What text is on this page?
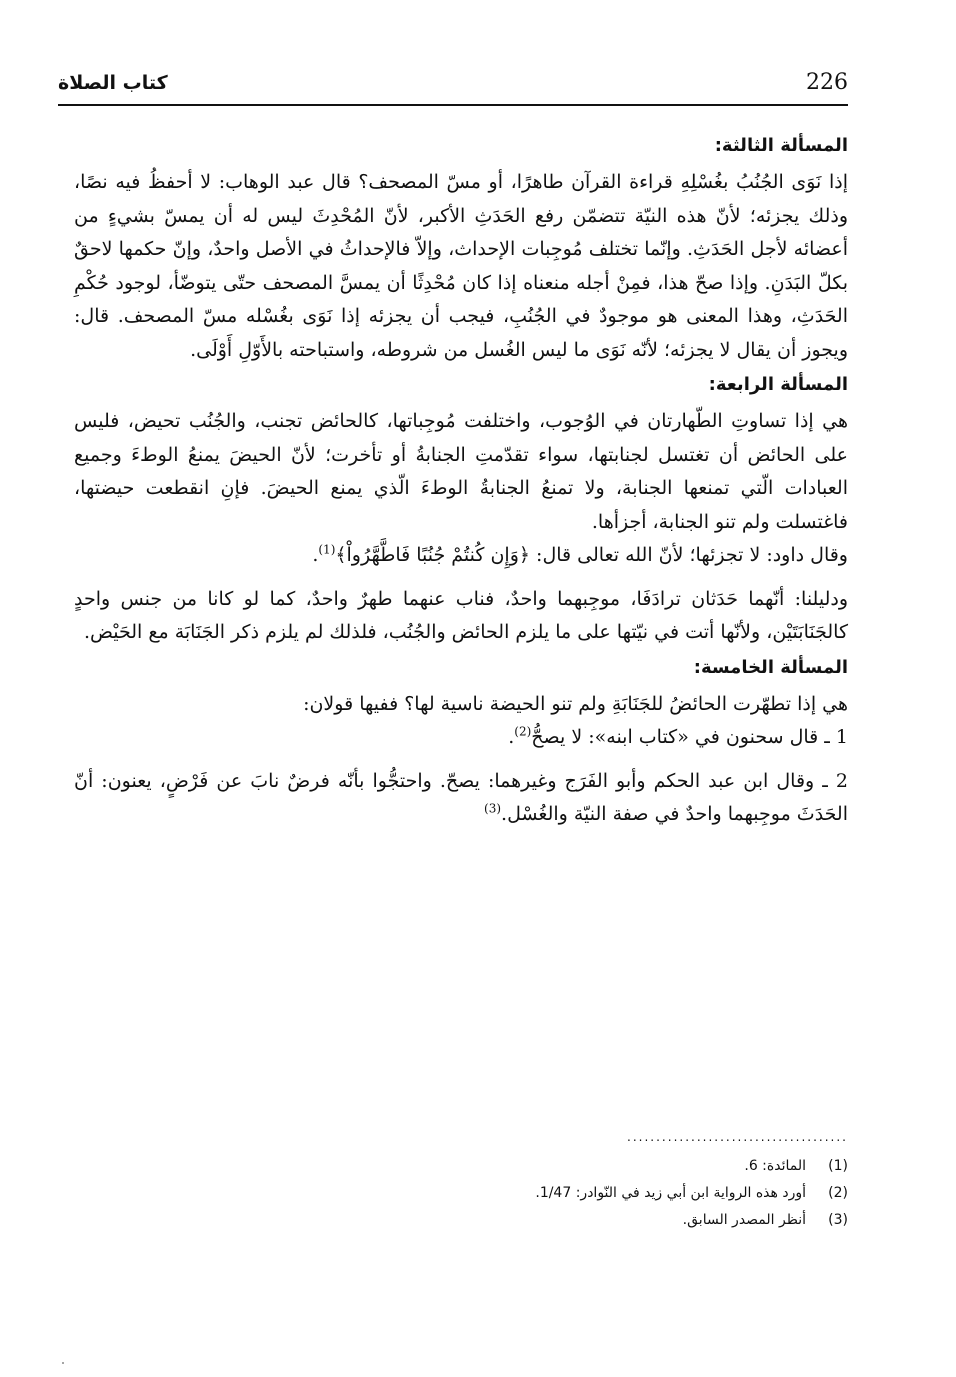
226
كتاب الصلاة
المسألة الثالثة:

إذا نَوَى الجُنُبُ بغُسْلِهِ قراءة القرآن طاهرًا، أو مسّ المصحف؟ قال عبد الوهاب: لا أحفظُ فيه نصًا، وذلك يجزئه؛ لأنّ هذه النيّة تتضمّن رفع الحَدَثِ الأكبر، لأنّ المُحْدِثَ ليس له أن يمسّ بشيءٍ من أعضائه لأجل الحَدَثِ. وإنّما تختلف مُوجِبات الإحداث، وإلاّ فالإحداثُ في الأصل واحدٌ، وإنّ حكمها لاحقٌ بكلّ البَدَنِ. وإذا صحّ هذا، فمِنْ أجله منعناه إذا كان مُحْدِثًا أن يمسَّ المصحف حتّى يتوضّأ، لوجود حُكْمِ الحَدَثِ، وهذا المعنى هو موجودٌ في الجُنُبِ، فيجب أن يجزئه إذا نَوَى بغُسْله مسّ المصحف. قال: ويجوز أن يقال لا يجزئه؛ لأنّه نَوَى ما ليس الغُسل من شروطه، واستباحته بالأَوّلِ أَوْلَى.

المسألة الرابعة:

هي إذا تساوتِ الطّهارتان في الوُجوب، واختلفت مُوجِباتها، كالحائض تجنب، والجُنُب تحيض، فليس على الحائض أن تغتسل لجنابتها، سواء تقدّمتِ الجنابةُ أو تأخرت؛ لأنّ الحيضَ يمنعُ الوطءَ وجميع العبادات الّتي تمنعها الجنابة، ولا تمنعُ الجنابةُ الوطءَ الّذي يمنع الحيضَ. فإنِ انقطعت حيضتها، فاغتسلت ولم تنو الجنابة، أجزأها.

وقال داود: لا تجزئها؛ لأنّ الله تعالى قال: ﴿وَإِن كُنتُمْ جُنُبًا فَاطَّهَّرُواْ﴾$^{(1)}$.

ودليلنا: أنّهما حَدَثان ترادَفَا، موجِبهما واحدٌ، فناب عنهما طهرٌ واحدٌ، كما لو كانا من جنس واحدٍ كالجَنَابَتَيْن، ولأنّها أتت في نيّتها على ما يلزم الحائض والجُنُب، فلذلك لم يلزم ذكر الجَنَابَة مع الحَيْض.

المسألة الخامسة:

هي إذا تطهّرت الحائضُ للجَنَابَةِ ولم تنو الحيضة ناسية لها؟ ففيها قولان:

1 ـ قال سحنون في «كتاب ابنه»: لا يصحُّ$^{(2)}$.

2 ـ وقال ابن عبد الحكم وأبو الفَرَج وغيرهما: يصحّ. واحتجُّوا بأنّه فرضٌ نابَ عن فَرْضٍ، يعنون: أنّ الحَدَثَ موجِبهما واحدٌ في صفة النيّة والغُسْل.$^{(3)}$

......................................
(1)
المائدة: 6.
(2)
أورد هذه الرواية ابن أبي زيد في النّوادر: 1/47.
(3)
أنظر المصدر السابق.
